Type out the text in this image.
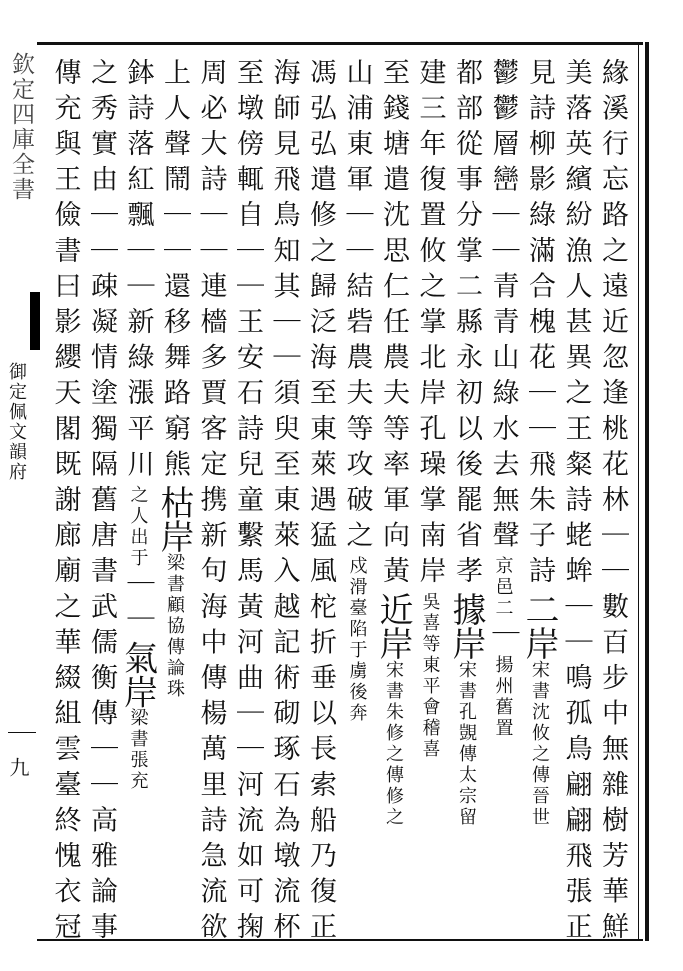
欽定四庫全書
御定佩文韻府
九	緣溪行忘路之遠近忽逢桃花林｜｜數百步中無雜樹芳華鮮
美落英繽紛漁人甚異之王粲詩蛯蛑｜｜鳴孤鳥翩翩飛張正
見詩柳影綠滿合槐花｜｜飛朱子詩二岸宋書沈攸之傳晉世
鬱鬱層巒｜｜青青山綠水去無聲京邑二｜揚州舊置
都部從事分掌二縣永初以後罷省孝據岸宋書孔覬傳太宗留
建三年復置攸之掌北岸孔璪掌南岸吳喜等東平會稽喜
至錢塘遣沈思仁任農夫等率軍向黃近岸宋書朱修之傳修之
山浦東軍｜｜結砦農夫等攻破之戍滑臺陷于虜後奔
馮弘弘遣修之歸泛海至東萊遇猛風柁折垂以長索船乃復正
海師見飛鳥知其｜｜須臾至東萊入越記術砌琢石為墩流杯
至墩傍輒自｜｜王安石詩兒童繫馬黃河曲｜｜河流如可掬
周必大詩｜｜連檣多賈客定携新句海中傳楊萬里詩急流欲
上人聲鬧｜｜還移舞路窮熊枯岸梁書顧協傳論珠
鉢詩落紅飄｜｜新綠漲平川之人出于｜｜氣岸梁書張充
之秀實由｜｜疎凝情塗獨隔舊唐書武儒衡傳｜｜高雅論事
傳充與王儉書曰影纓天閣既謝廊廟之華綴組雲臺終愧衣冠
